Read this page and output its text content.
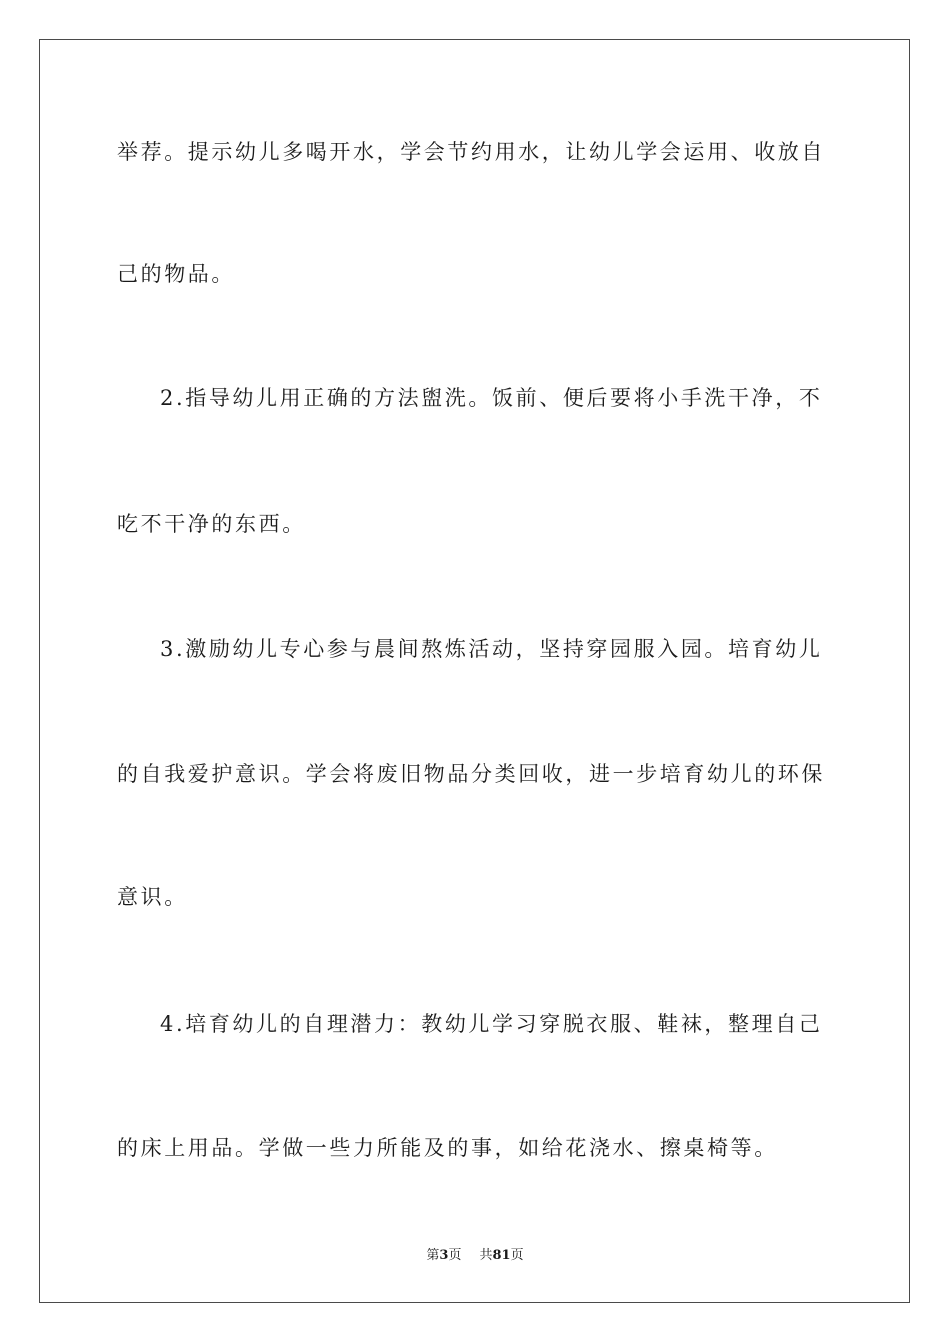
举荐。提示幼儿多喝开水，学会节约用水，让幼儿学会运用、收放自
己的物品。
2.指导幼儿用正确的方法盥洗。饭前、便后要将小手洗干净，不
吃不干净的东西。
3.激励幼儿专心参与晨间熬炼活动，坚持穿园服入园。培育幼儿
的自我爱护意识。学会将废旧物品分类回收，进一步培育幼儿的环保
意识。
4.培育幼儿的自理潜力：教幼儿学习穿脱衣服、鞋袜，整理自己
的床上用品。学做一些力所能及的事，如给花浇水、擦桌椅等。
第3页 共81页
